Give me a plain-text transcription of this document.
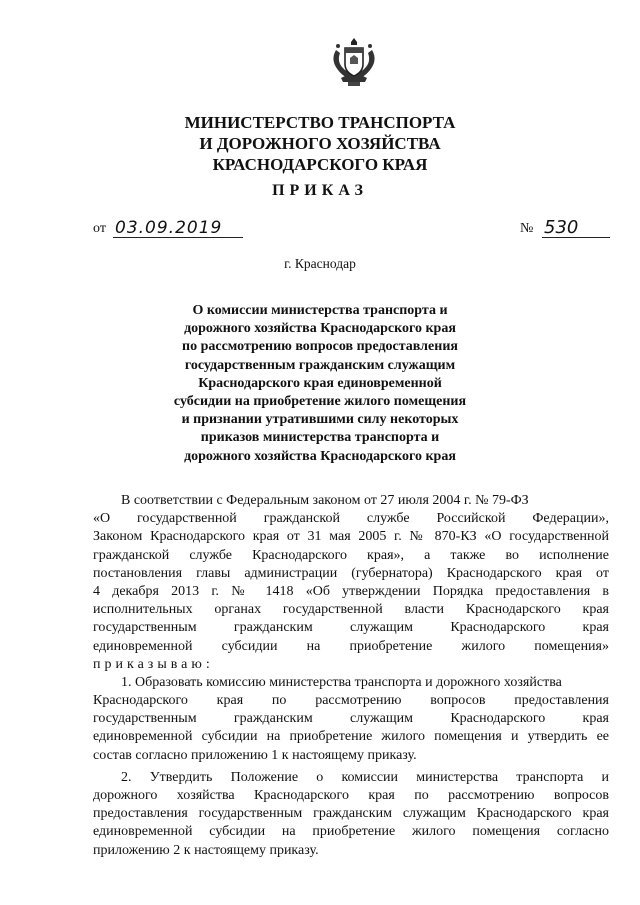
МИНИСТЕРСТВО ТРАНСПОРТА
И ДОРОЖНОГО ХОЗЯЙСТВА
КРАСНОДАРСКОГО КРАЯ
ПРИКАЗ
от 03.09.2019	№ 530
г. Краснодар
О комиссии министерства транспорта и
дорожного хозяйства Краснодарского края
по рассмотрению вопросов предоставления
государственным гражданским служащим
Краснодарского края единовременной
субсидии на приобретение жилого помещения
и признании утратившими силу некоторых
приказов министерства транспорта и
дорожного хозяйства Краснодарского края
В соответствии с Федеральным законом от 27 июля 2004 г. № 79-ФЗ
«О государственной гражданской службе Российской Федерации»,
Законом Краснодарского края от 31 мая 2005 г. № 870-КЗ «О государственной
гражданской службе Краснодарского края», а также во исполнение
постановления главы администрации (губернатора) Краснодарского края от
4 декабря 2013 г. № 1418 «Об утверждении Порядка предоставления в
исполнительных органах государственной власти Краснодарского края
государственным гражданским служащим Краснодарского края
единовременной субсидии на приобретение жилого помещения»
приказываю:
1. Образовать комиссию министерства транспорта и дорожного хозяйства
Краснодарского края по рассмотрению вопросов предоставления
государственным гражданским служащим Краснодарского края
единовременной субсидии на приобретение жилого помещения и утвердить ее
состав согласно приложению 1 к настоящему приказу.
2. Утвердить Положение о комиссии министерства транспорта и
дорожного хозяйства Краснодарского края по рассмотрению вопросов
предоставления государственным гражданским служащим Краснодарского края
единовременной субсидии на приобретение жилого помещения согласно
приложению 2 к настоящему приказу.
